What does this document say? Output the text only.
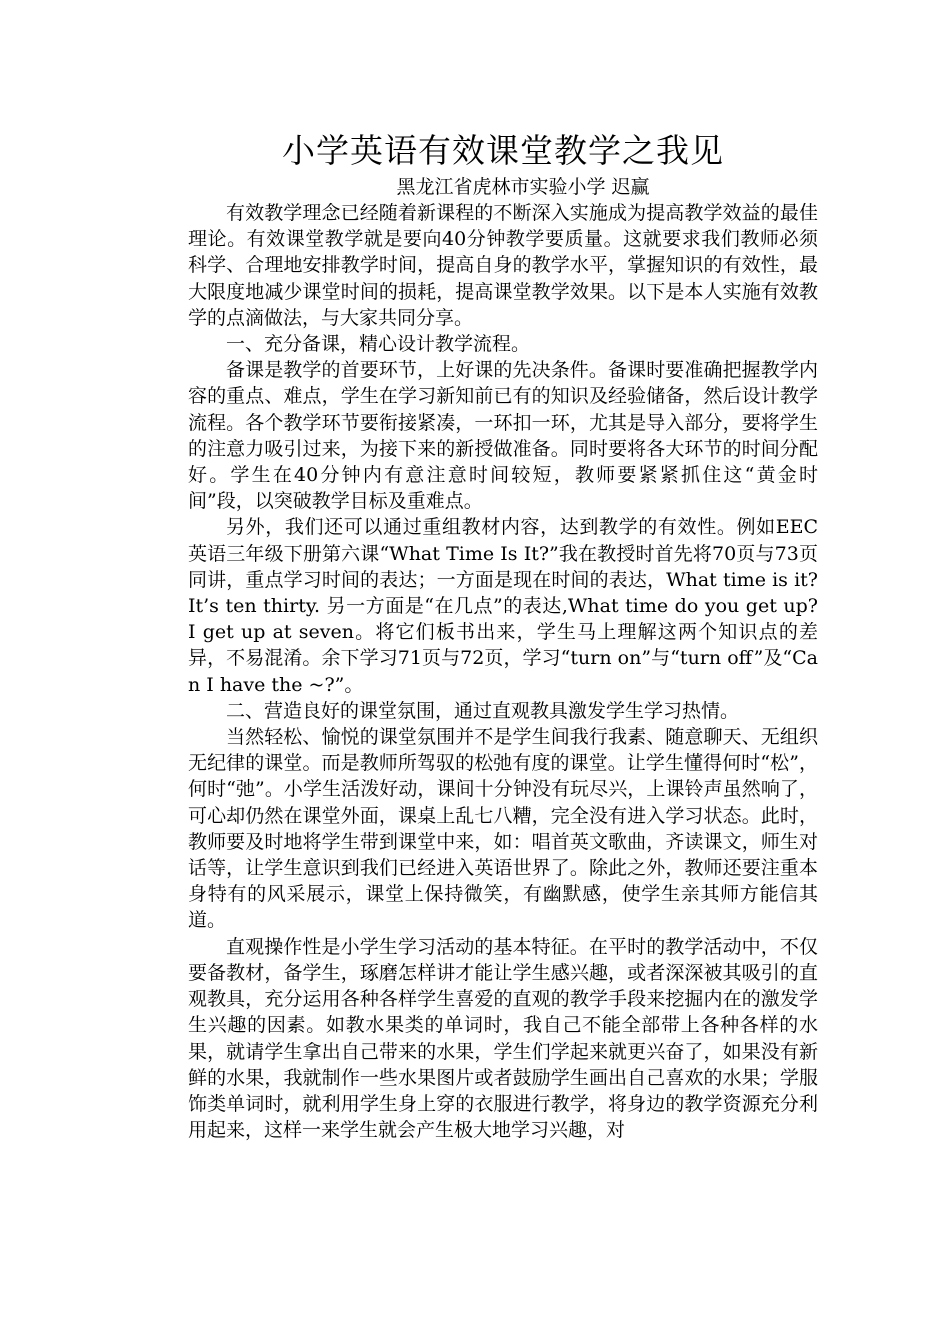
小学英语有效课堂教学之我见

黑龙江省虎林市实验小学 迟赢

有效教学理念已经随着新课程的不断深入实施成为提高教学效益的最佳理论。有效课堂教学就是要向40分钟教学要质量。这就要求我们教师必须科学、合理地安排教学时间，提高自身的教学水平，掌握知识的有效性，最大限度地减少课堂时间的损耗，提高课堂教学效果。以下是本人实施有效教学的点滴做法，与大家共同分享。

一、充分备课，精心设计教学流程。

备课是教学的首要环节，上好课的先决条件。备课时要准确把握教学内容的重点、难点，学生在学习新知前已有的知识及经验储备，然后设计教学流程。各个教学环节要衔接紧凑，一环扣一环，尤其是导入部分，要将学生的注意力吸引过来，为接下来的新授做准备。同时要将各大环节的时间分配好。学生在40分钟内有意注意时间较短，教师要紧紧抓住这“黄金时间”段，以突破教学目标及重难点。

另外，我们还可以通过重组教材内容，达到教学的有效性。例如EEC英语三年级下册第六课“What Time Is It?”我在教授时首先将70页与73页同讲，重点学习时间的表达；一方面是现在时间的表达，What time is it? It’s ten thirty. 另一方面是“在几点”的表达,What time do you get up? I get up at seven。将它们板书出来，学生马上理解这两个知识点的差异，不易混淆。余下学习71页与72页，学习“turn on”与“turn off”及“Can I have the ~?”。

二、营造良好的课堂氛围，通过直观教具激发学生学习热情。

当然轻松、愉悦的课堂氛围并不是学生间我行我素、随意聊天、无组织无纪律的课堂。而是教师所驾驭的松弛有度的课堂。让学生懂得何时“松”，何时“弛”。小学生活泼好动，课间十分钟没有玩尽兴，上课铃声虽然响了，可心却仍然在课堂外面，课桌上乱七八糟，完全没有进入学习状态。此时，教师要及时地将学生带到课堂中来，如：唱首英文歌曲，齐读课文，师生对话等，让学生意识到我们已经进入英语世界了。除此之外，教师还要注重本身特有的风采展示，课堂上保持微笑，有幽默感，使学生亲其师方能信其道。

直观操作性是小学生学习活动的基本特征。在平时的教学活动中，不仅要备教材，备学生，琢磨怎样讲才能让学生感兴趣，或者深深被其吸引的直观教具，充分运用各种各样学生喜爱的直观的教学手段来挖掘内在的激发学生兴趣的因素。如教水果类的单词时，我自己不能全部带上各种各样的水果，就请学生拿出自己带来的水果，学生们学起来就更兴奋了，如果没有新鲜的水果，我就制作一些水果图片或者鼓励学生画出自己喜欢的水果；学服饰类单词时，就利用学生身上穿的衣服进行教学，将身边的教学资源充分利用起来，这样一来学生就会产生极大地学习兴趣，对
